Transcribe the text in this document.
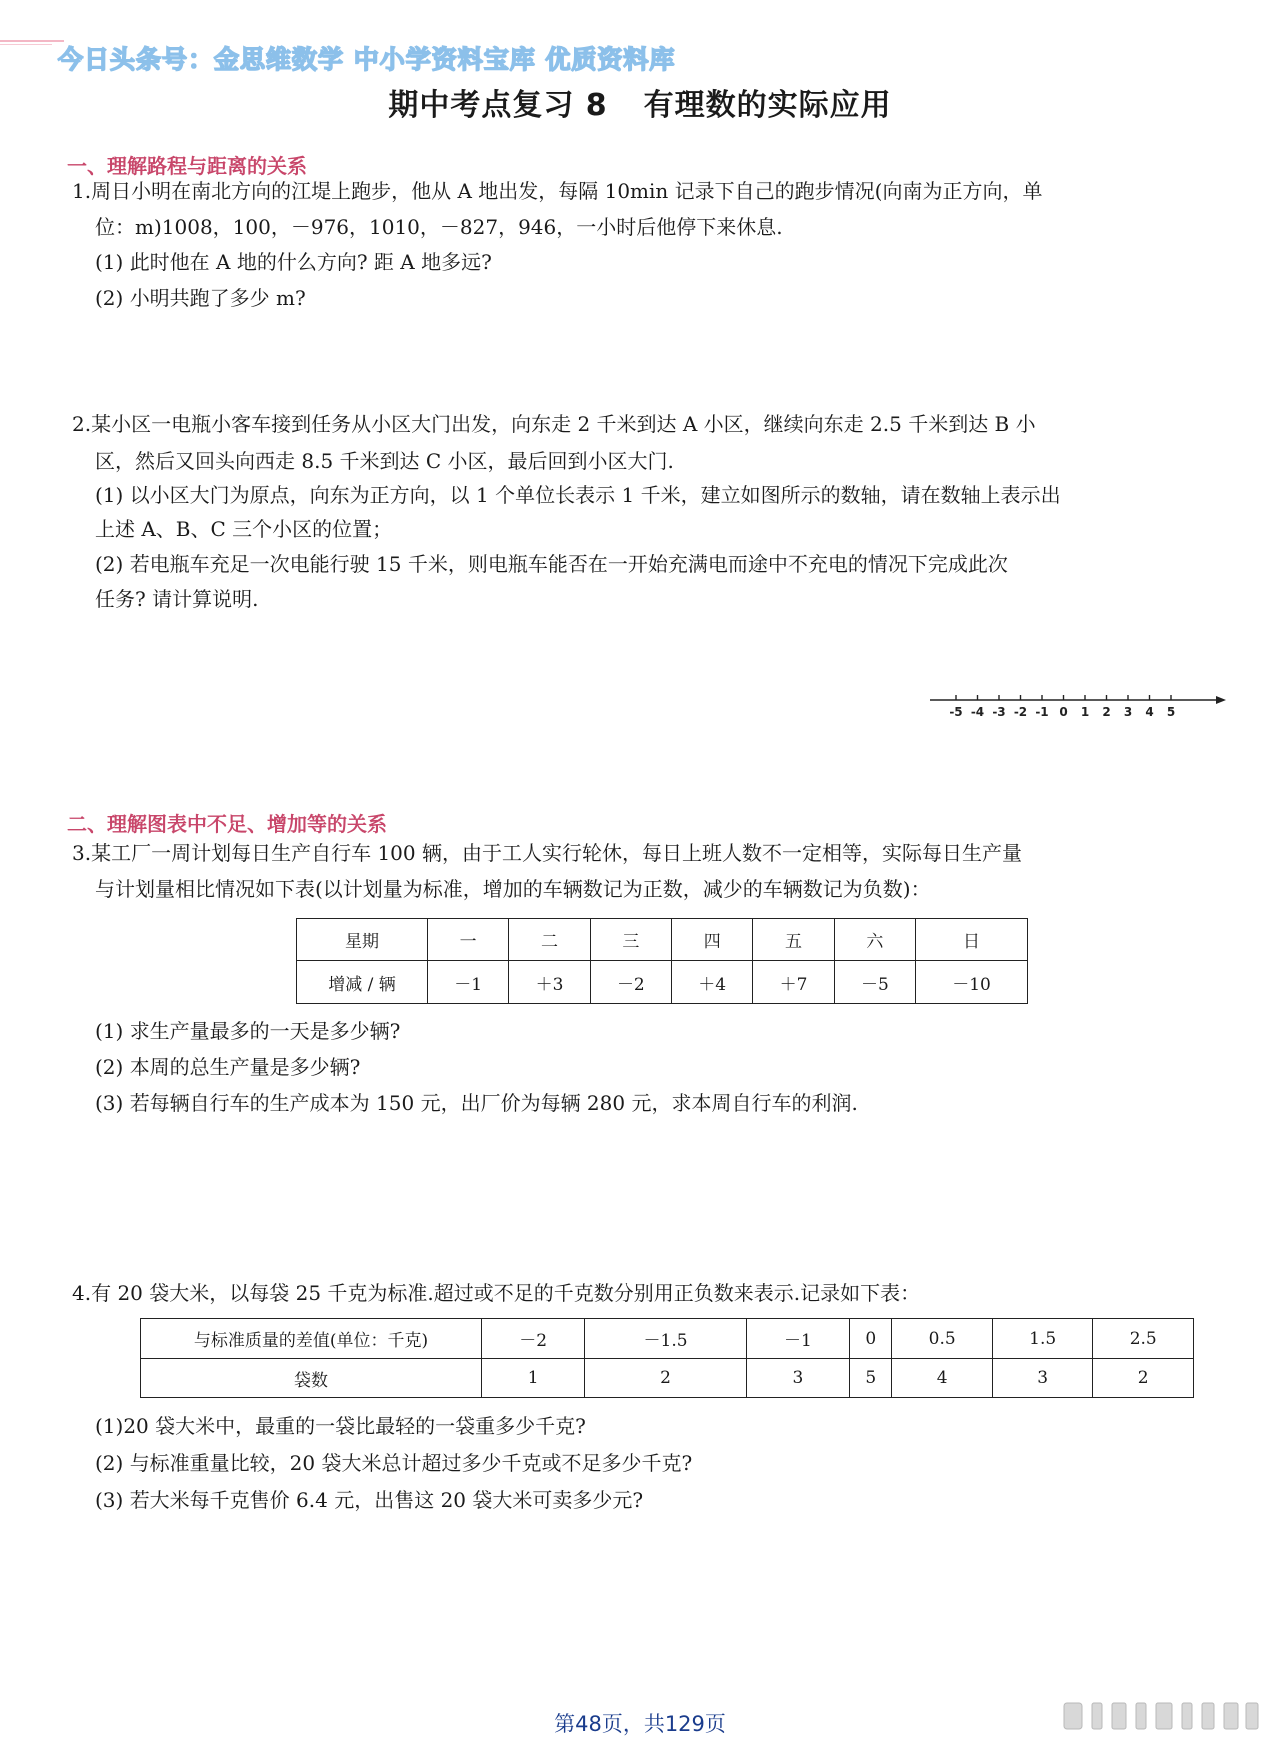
今日头条号：金思维数学 中小学资料宝库 优质资料库
期中考点复习 8 有理数的实际应用
一、理解路程与距离的关系
1.周日小明在南北方向的江堤上跑步，他从 A 地出发，每隔 10min 记录下自己的跑步情况(向南为正方向，单
位：m)1008，100，－976，1010，－827，946，一小时后他停下来休息.
(1) 此时他在 A 地的什么方向? 距 A 地多远?
(2) 小明共跑了多少 m?
2.某小区一电瓶小客车接到任务从小区大门出发，向东走 2 千米到达 A 小区，继续向东走 2.5 千米到达 B 小
区，然后又回头向西走 8.5 千米到达 C 小区，最后回到小区大门.
(1) 以小区大门为原点，向东为正方向，以 1 个单位长表示 1 千米，建立如图所示的数轴，请在数轴上表示出
上述 A、B、C 三个小区的位置；
(2) 若电瓶车充足一次电能行驶 15 千米，则电瓶车能否在一开始充满电而途中不充电的情况下完成此次
任务? 请计算说明.
-5 -4 -3 -2 -1 0 1 2 3 4 5
二、理解图表中不足、增加等的关系
3.某工厂一周计划每日生产自行车 100 辆，由于工人实行轮休，每日上班人数不一定相等，实际每日生产量
与计划量相比情况如下表(以计划量为标准，增加的车辆数记为正数，减少的车辆数记为负数)：
星期	一	二	三	四	五	六	日
增减 / 辆	－1	＋3	－2	＋4	＋7	－5	－10
(1) 求生产量最多的一天是多少辆?
(2) 本周的总生产量是多少辆?
(3) 若每辆自行车的生产成本为 150 元，出厂价为每辆 280 元，求本周自行车的利润.
4.有 20 袋大米，以每袋 25 千克为标准.超过或不足的千克数分别用正负数来表示.记录如下表：
与标准质量的差值(单位：千克)	－2	－1.5	－1	0	0.5	1.5	2.5
袋数	1	2	3	5	4	3	2
(1)20 袋大米中，最重的一袋比最轻的一袋重多少千克?
(2) 与标准重量比较，20 袋大米总计超过多少千克或不足多少千克?
(3) 若大米每千克售价 6.4 元，出售这 20 袋大米可卖多少元?
第48页，共129页
